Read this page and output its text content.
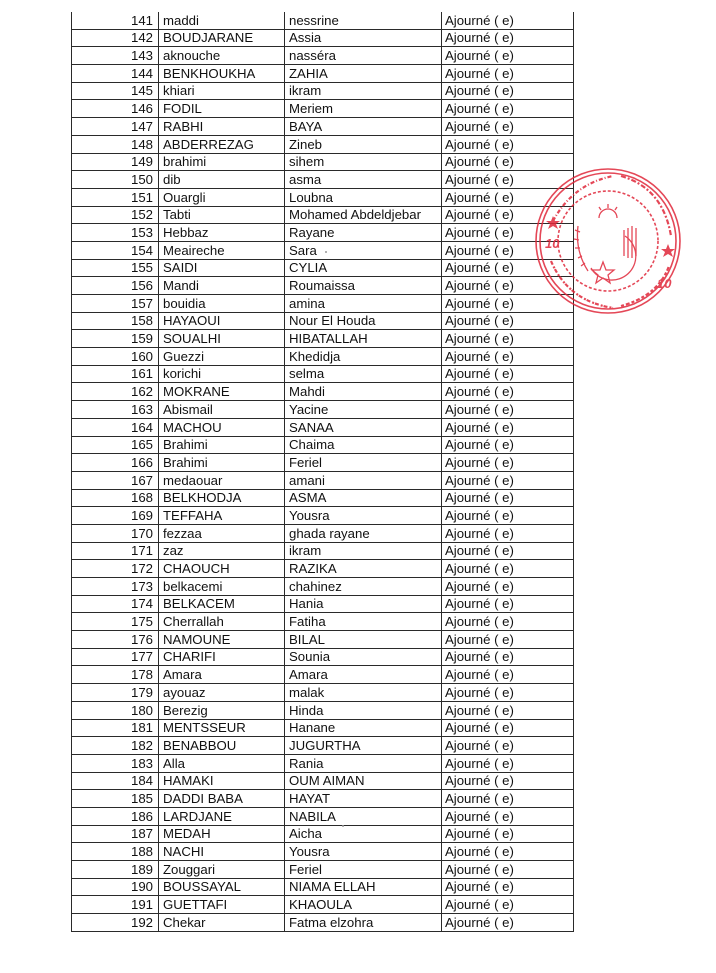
141	maddi	nessrine	Ajourné ( e)
142	BOUDJARANE	Assia	Ajourné ( e)
143	aknouche	nasséra	Ajourné ( e)
144	BENKHOUKHA	ZAHIA	Ajourné ( e)
145	khiari	ikram	Ajourné ( e)
146	FODIL	Meriem	Ajourné ( e)
147	RABHI	BAYA	Ajourné ( e)
148	ABDERREZAG	Zineb	Ajourné ( e)
149	brahimi	sihem	Ajourné ( e)
150	dib	asma	Ajourné ( e)
151	Ouargli	Loubna	Ajourné ( e)
152	Tabti	Mohamed Abdeldjebar	Ajourné ( e)
153	Hebbaz	Rayane	Ajourné ( e)
154	Meaireche	Sara	Ajourné ( e)
155	SAIDI	CYLIA	Ajourné ( e)
156	Mandi	Roumaissa	Ajourné ( e)
157	bouidia	amina	Ajourné ( e)
158	HAYAOUI	Nour El Houda	Ajourné ( e)
159	SOUALHI	HIBATALLAH	Ajourné ( e)
160	Guezzi	Khedidja	Ajourné ( e)
161	korichi	selma	Ajourné ( e)
162	MOKRANE	Mahdi	Ajourné ( e)
163	Abismail	Yacine	Ajourné ( e)
164	MACHOU	SANAA	Ajourné ( e)
165	Brahimi	Chaima	Ajourné ( e)
166	Brahimi	Feriel	Ajourné ( e)
167	medaouar	amani	Ajourné ( e)
168	BELKHODJA	ASMA	Ajourné ( e)
169	TEFFAHA	Yousra	Ajourné ( e)
170	fezzaa	ghada rayane	Ajourné ( e)
171	zaz	ikram	Ajourné ( e)
172	CHAOUCH	RAZIKA	Ajourné ( e)
173	belkacemi	chahinez	Ajourné ( e)
174	BELKACEM	Hania	Ajourné ( e)
175	Cherrallah	Fatiha	Ajourné ( e)
176	NAMOUNE	BILAL	Ajourné ( e)
177	CHARIFI	Sounia	Ajourné ( e)
178	Amara	Amara	Ajourné ( e)
179	ayouaz	malak	Ajourné ( e)
180	Berezig	Hinda	Ajourné ( e)
181	MENTSSEUR	Hanane	Ajourné ( e)
182	BENABBOU	JUGURTHA	Ajourné ( e)
183	Alla	Rania	Ajourné ( e)
184	HAMAKI	OUM AIMAN	Ajourné ( e)
185	DADDI BABA	HAYAT	Ajourné ( e)
186	LARDJANE	NABILA	Ajourné ( e)
187	MEDAH	Aicha	Ajourné ( e)
188	NACHI	Yousra	Ajourné ( e)
189	Zouggari	Feriel	Ajourné ( e)
190	BOUSSAYAL	NIAMA ELLAH	Ajourné ( e)
191	GUETTAFI	KHAOULA	Ajourné ( e)
192	Chekar	Fatma elzohra	Ajourné ( e)
10
10
